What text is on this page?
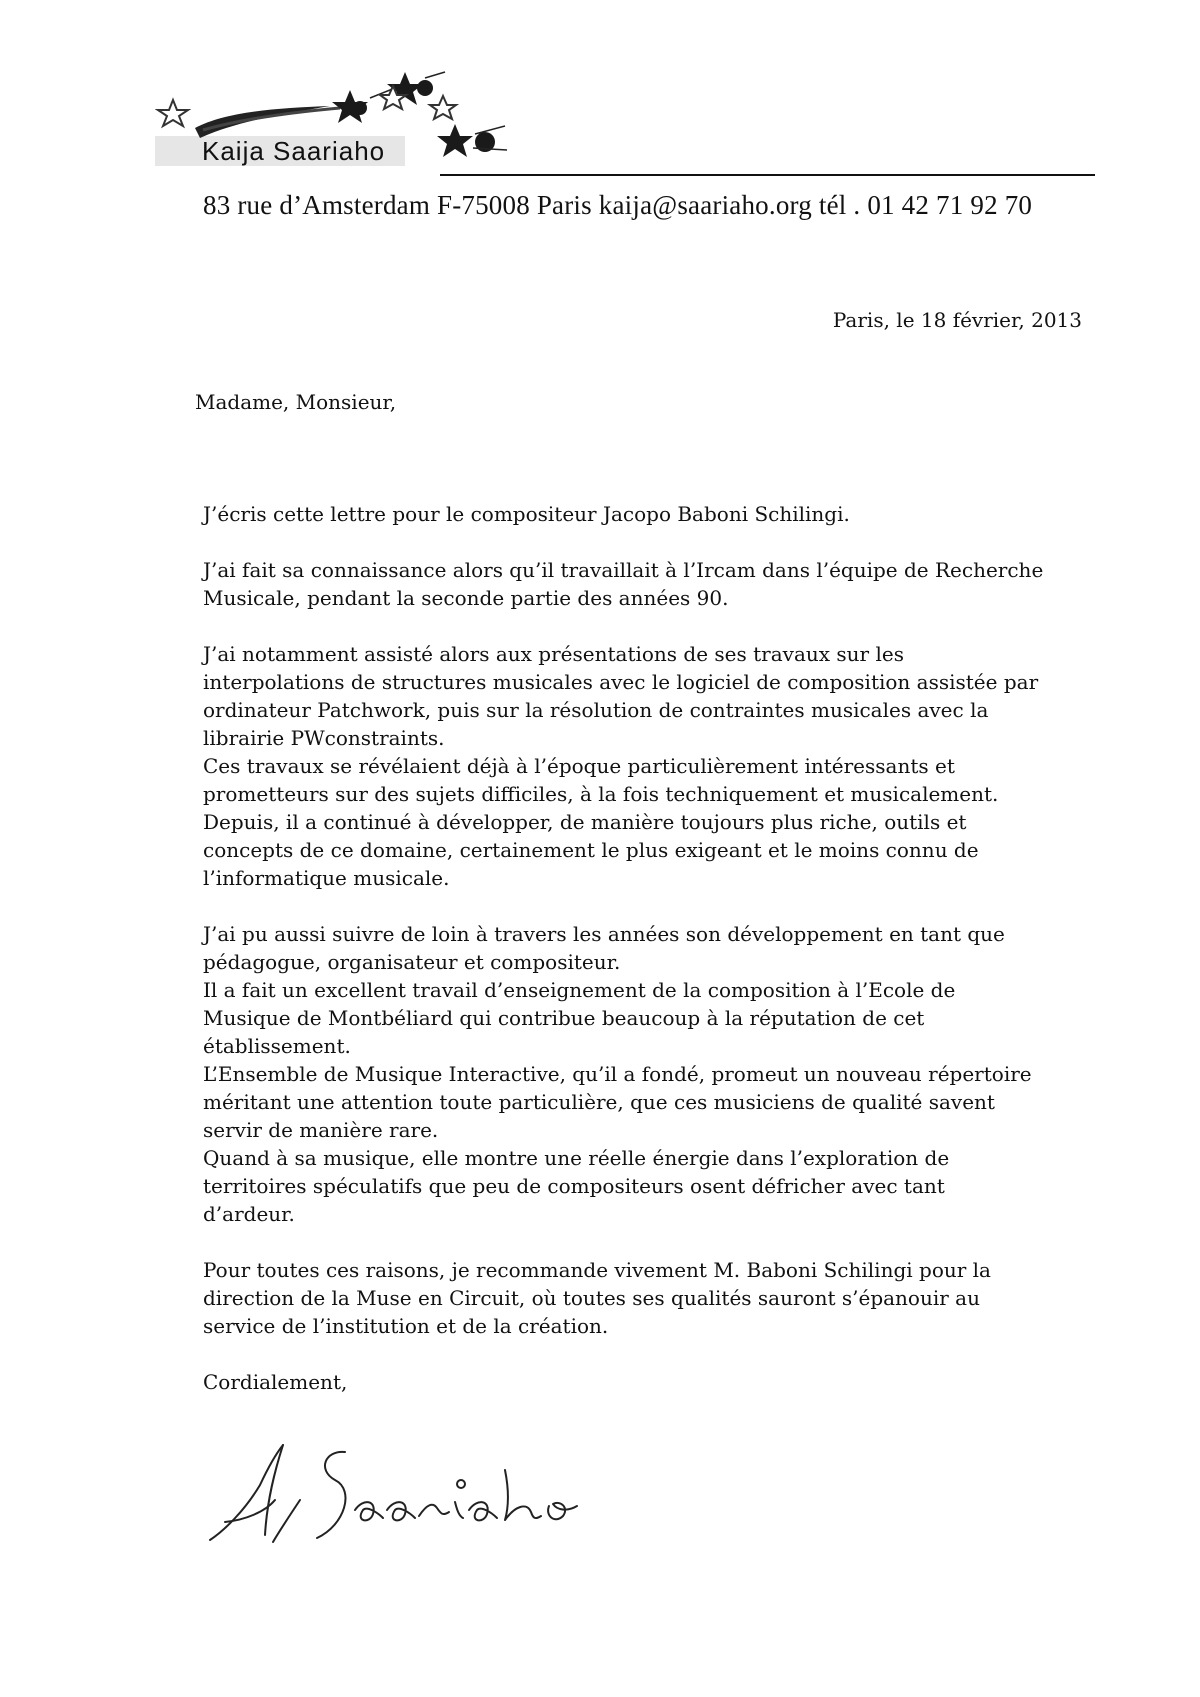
Kaija Saariaho
83 rue d’Amsterdam F-75008 Paris kaija@saariaho.org tél . 01 42 71 92 70
Paris, le 18 février, 2013
Madame, Monsieur,
J’écris cette lettre pour le compositeur Jacopo Baboni Schilingi.
J’ai fait sa connaissance alors qu’il travaillait à l’Ircam dans l’équipe de Recherche
Musicale, pendant la seconde partie des années 90.
J’ai notamment assisté alors aux présentations de ses travaux sur les
interpolations de structures musicales avec le logiciel de composition assistée par
ordinateur Patchwork, puis sur la résolution de contraintes musicales avec la
librairie PWconstraints.
Ces travaux se révélaient déjà à l’époque particulièrement intéressants et
prometteurs sur des sujets difficiles, à la fois techniquement et musicalement.
Depuis, il a continué à développer, de manière toujours plus riche, outils et
concepts de ce domaine, certainement le plus exigeant et le moins connu de
l’informatique musicale.
J’ai pu aussi suivre de loin à travers les années son développement en tant que
pédagogue, organisateur et compositeur.
Il a fait un excellent travail d’enseignement de la composition à l’Ecole de
Musique de Montbéliard qui contribue beaucoup à la réputation de cet
établissement.
L’Ensemble de Musique Interactive, qu’il a fondé, promeut un nouveau répertoire
méritant une attention toute particulière, que ces musiciens de qualité savent
servir de manière rare.
Quand à sa musique, elle montre une réelle énergie dans l’exploration de
territoires spéculatifs que peu de compositeurs osent défricher avec tant
d’ardeur.
Pour toutes ces raisons, je recommande vivement M. Baboni Schilingi pour la
direction de la Muse en Circuit, où toutes ses qualités sauront s’épanouir au
service de l’institution et de la création.
Cordialement,
